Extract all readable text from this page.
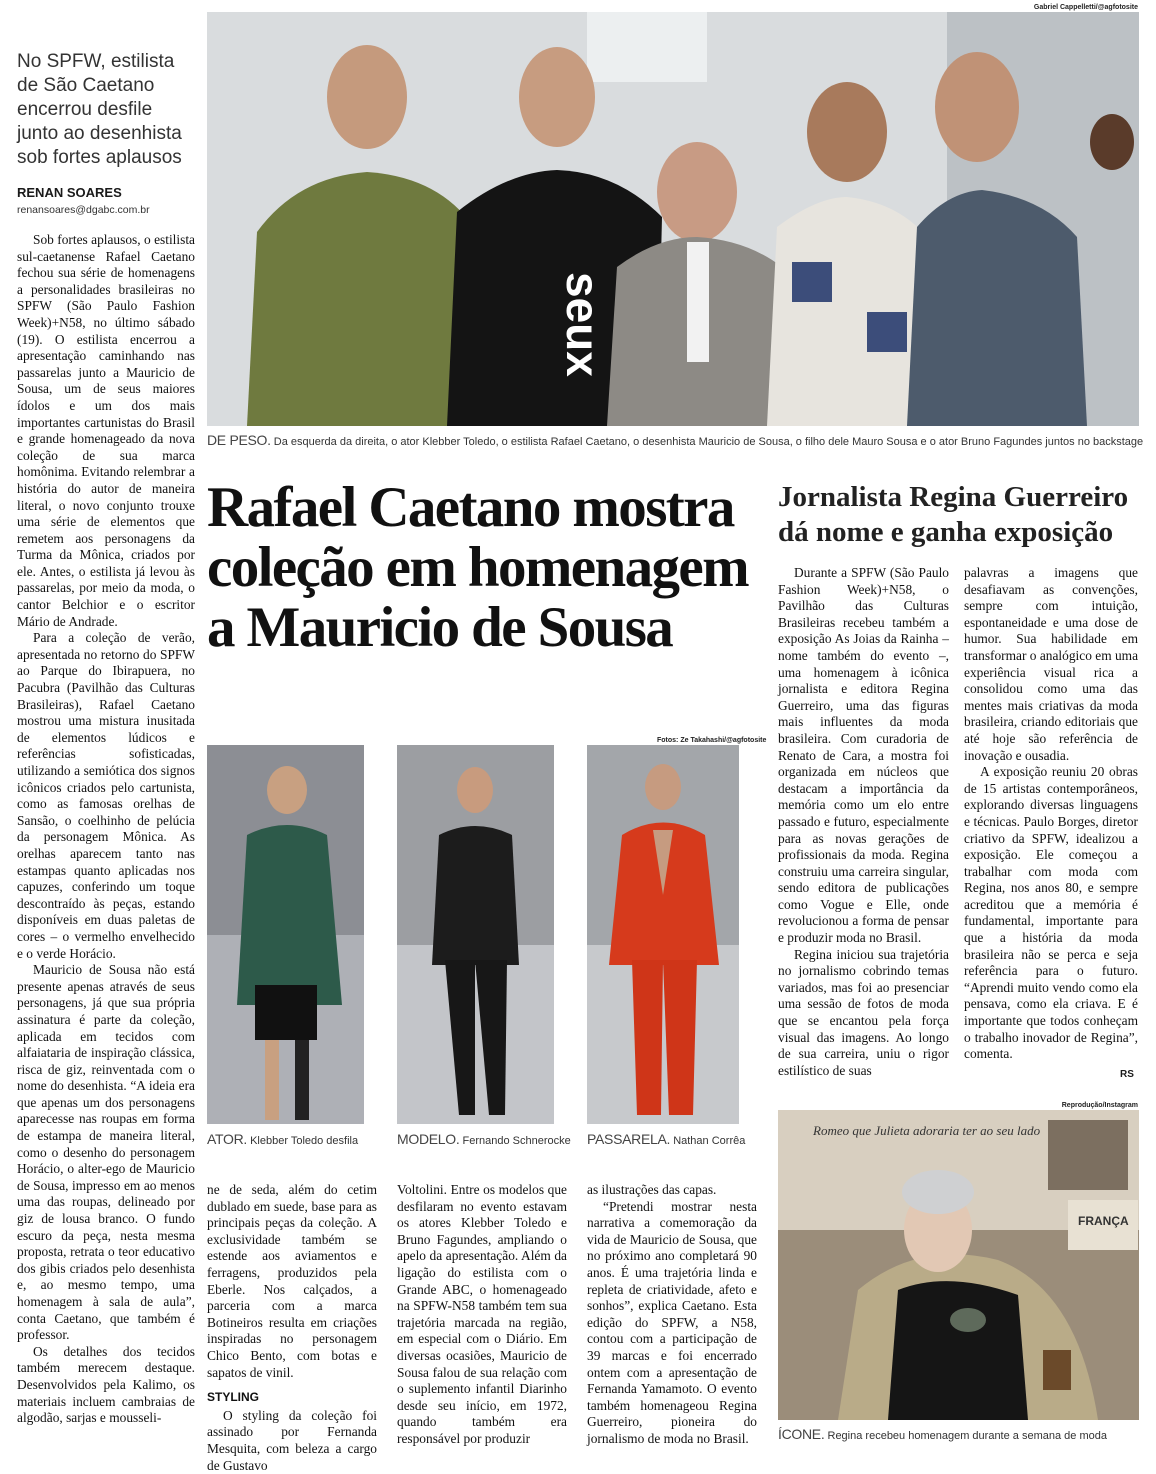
No SPFW, estilista de São Caetano encerrou desfile junto ao desenhista sob fortes aplausos
RENAN SOARES
renansoares@dgabc.com.br

Sob fortes aplausos, o estilista sul-caetanense Rafael Caetano fechou sua série de homenagens a personalidades brasileiras no SPFW (São Paulo Fashion Week)+N58, no último sábado (19). O estilista encerrou a apresentação caminhando nas passarelas junto a Mauricio de Sousa, um de seus maiores ídolos e um dos mais importantes cartunistas do Brasil e grande homenageado da nova coleção de sua marca homônima. Evitando relembrar a história do autor de maneira literal, o novo conjunto trouxe uma série de elementos que remetem aos personagens da Turma da Mônica, criados por ele. Antes, o estilista já levou às passarelas, por meio da moda, o cantor Belchior e o escritor Mário de Andrade.

Para a coleção de verão, apresentada no retorno do SPFW ao Parque do Ibirapuera, no Pacubra (Pavilhão das Culturas Brasileiras), Rafael Caetano mostrou uma mistura inusitada de elementos lúdicos e referências sofisticadas, utilizando a semiótica dos signos icônicos criados pelo cartunista, como as famosas orelhas de Sansão, o coelhinho de pelúcia da personagem Mônica. As orelhas aparecem tanto nas estampas quanto aplicadas nos capuzes, conferindo um toque descontraído às peças, estando disponíveis em duas paletas de cores – o vermelho envelhecido e o verde Horácio.

Mauricio de Sousa não está presente apenas através de seus personagens, já que sua própria assinatura é parte da coleção, aplicada em tecidos com alfaiataria de inspiração clássica, risca de giz, reinventada com o nome do desenhista. “A ideia era que apenas um dos personagens aparecesse nas roupas em forma de estampa de maneira literal, como o desenho do personagem Horácio, o alter-ego de Mauricio de Sousa, impresso em ao menos uma das roupas, delineado por giz de lousa branco. O fundo escuro da peça, nesta mesma proposta, retrata o teor educativo dos gibis criados pelo desenhista e, ao mesmo tempo, uma homenagem à sala de aula”, conta Caetano, que também é professor.

Os detalhes dos tecidos também merecem destaque. Desenvolvidos pela Kalimo, os materiais incluem cambraias de algodão, sarjas e mousseli-

Gabriel Cappelletti/@agfotosite
seux
DE PESO. Da esquerda da direita, o ator Klebber Toledo, o estilista Rafael Caetano, o desenhista Mauricio de Sousa, o filho dele Mauro Sousa e o ator Bruno Fagundes juntos no backstage
Rafael Caetano mostra coleção em homenagem a Mauricio de Sousa
Fotos: Ze Takahashi/@agfotosite
ATOR. Klebber Toledo desfila	MODELO. Fernando Schnerocke PASSARELA. Nathan Corrêa

ne de seda, além do cetim dublado em suede, base para as principais peças da coleção. A exclusividade também se estende aos aviamentos e ferragens, produzidos pela Eberle. Nos calçados, a parceria com a marca Botineiros resulta em criações inspiradas no personagem Chico Bento, com botas e sapatos de vinil.

STYLING

O styling da coleção foi assinado por Fernanda Mesquita, com beleza a cargo de Gustavo

Voltolini. Entre os modelos que desfilaram no evento estavam os atores Klebber Toledo e Bruno Fagundes, ampliando o apelo da apresentação. Além da ligação do estilista com o Grande ABC, o homenageado na SPFW-N58 também tem sua trajetória marcada na região, em especial com o Diário. Em diversas ocasiões, Mauricio de Sousa falou de sua relação com o suplemento infantil Diarinho desde seu início, em 1972, quando também era responsável por produzir

as ilustrações das capas.

“Pretendi mostrar nesta narrativa a comemoração da vida de Mauricio de Sousa, que no próximo ano completará 90 anos. É uma trajetória linda e repleta de criatividade, afeto e sonhos”, explica Caetano. Esta edição do SPFW, a N58, contou com a participação de 39 marcas e foi encerrado ontem com a apresentação de Fernanda Yamamoto. O evento também homenageou Regina Guerreiro, pioneira do jornalismo de moda no Brasil.

Jornalista Regina Guerreiro dá nome e ganha exposição

Durante a SPFW (São Paulo Fashion Week)+N58, o Pavilhão das Culturas Brasileiras recebeu também a exposição As Joias da Rainha – nome também do evento –, uma homenagem à icônica jornalista e editora Regina Guerreiro, uma das figuras mais influentes da moda brasileira. Com curadoria de Renato de Cara, a mostra foi organizada em núcleos que destacam a importância da memória como um elo entre passado e futuro, especialmente para as novas gerações de profissionais da moda. Regina construiu uma carreira singular, sendo editora de publicações como Vogue e Elle, onde revolucionou a forma de pensar e produzir moda no Brasil.

Regina iniciou sua trajetória no jornalismo cobrindo temas variados, mas foi ao presenciar uma sessão de fotos de moda que se encantou pela força visual das imagens. Ao longo de sua carreira, uniu o rigor estilístico de suas

palavras a imagens que desafiavam as convenções, sempre com intuição, espontaneidade e uma dose de humor. Sua habilidade em transformar o analógico em uma experiência visual rica a consolidou como uma das mentes mais criativas da moda brasileira, criando editoriais que até hoje são referência de inovação e ousadia.

A exposição reuniu 20 obras de 15 artistas contemporâneos, explorando diversas linguagens e técnicas. Paulo Borges, diretor criativo da SPFW, idealizou a exposição. Ele começou a trabalhar com moda com Regina, nos anos 80, e sempre acreditou que a memória é fundamental, importante para que a história da moda brasileira não se perca e seja referência para o futuro. “Aprendi muito vendo como ela pensava, como ela criava. E é importante que todos conheçam o trabalho inovador de Regina”, comenta.

RS
Reprodução/Instagram
Romeo que Julieta adoraria ter ao seu lado
FRANÇA
ÍCONE. Regina recebeu homenagem durante a semana de moda
